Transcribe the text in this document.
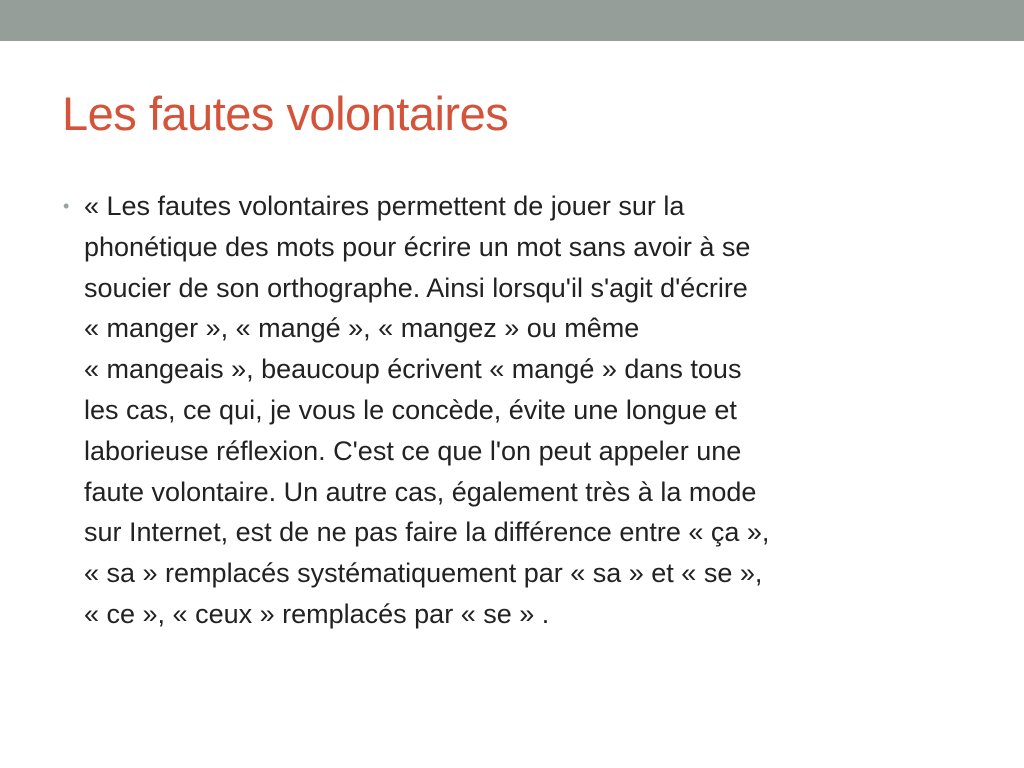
Les fautes volontaires
• « Les fautes volontaires permettent de jouer sur la
phonétique des mots pour écrire un mot sans avoir à se
soucier de son orthographe. Ainsi lorsqu'il s'agit d'écrire
« manger », « mangé », « mangez » ou même
« mangeais », beaucoup écrivent « mangé » dans tous
les cas, ce qui, je vous le concède, évite une longue et
laborieuse réflexion. C'est ce que l'on peut appeler une
faute volontaire. Un autre cas, également très à la mode
sur Internet, est de ne pas faire la différence entre « ça »,
« sa » remplacés systématiquement par « sa » et « se »,
« ce », « ceux » remplacés par « se » .
